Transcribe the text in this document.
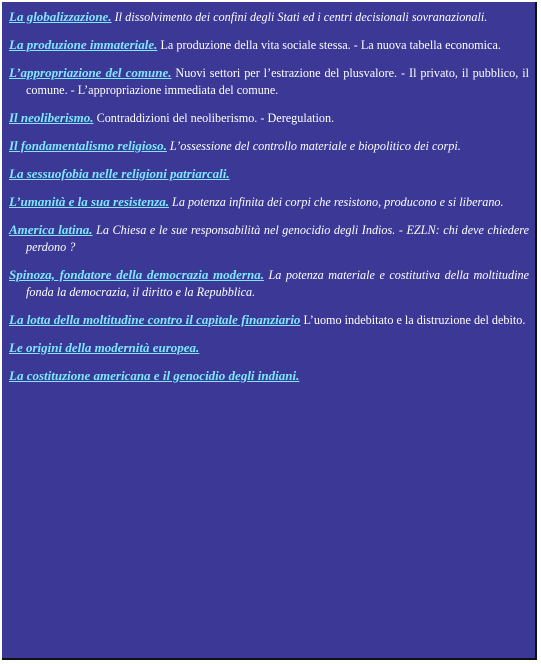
La globalizzazione. Il dissolvimento dei confini degli Stati ed i centri decisionali sovranazionali.

La produzione immateriale. La produzione della vita sociale stessa. - La nuova tabella economica.

L’appropriazione del comune. Nuovi settori per l’estrazione del plusvalore. - Il privato, il pubblico, il comune. - L’appropriazione immediata del comune.

Il neoliberismo. Contraddizioni del neoliberismo. - Deregulation.

Il fondamentalismo religioso. L’ossessione del controllo materiale e biopolitico dei corpi.

La sessuofobia nelle religioni patriarcali.

L’umanità e la sua resistenza. La potenza infinita dei corpi che resistono, producono e si liberano.

America latina. La Chiesa e le sue responsabilità nel genocidio degli Indios. - EZLN: chi deve chiedere perdono ?

Spinoza, fondatore della democrazia moderna. La potenza materiale e costitutiva della moltitudine fonda la democrazia, il diritto e la Repubblica.

La lotta della moltitudine contro il capitale finanziario L’uomo indebitato e la distruzione del debito.

Le origini della modernità europea.

La costituzione americana e il genocidio degli indiani.
